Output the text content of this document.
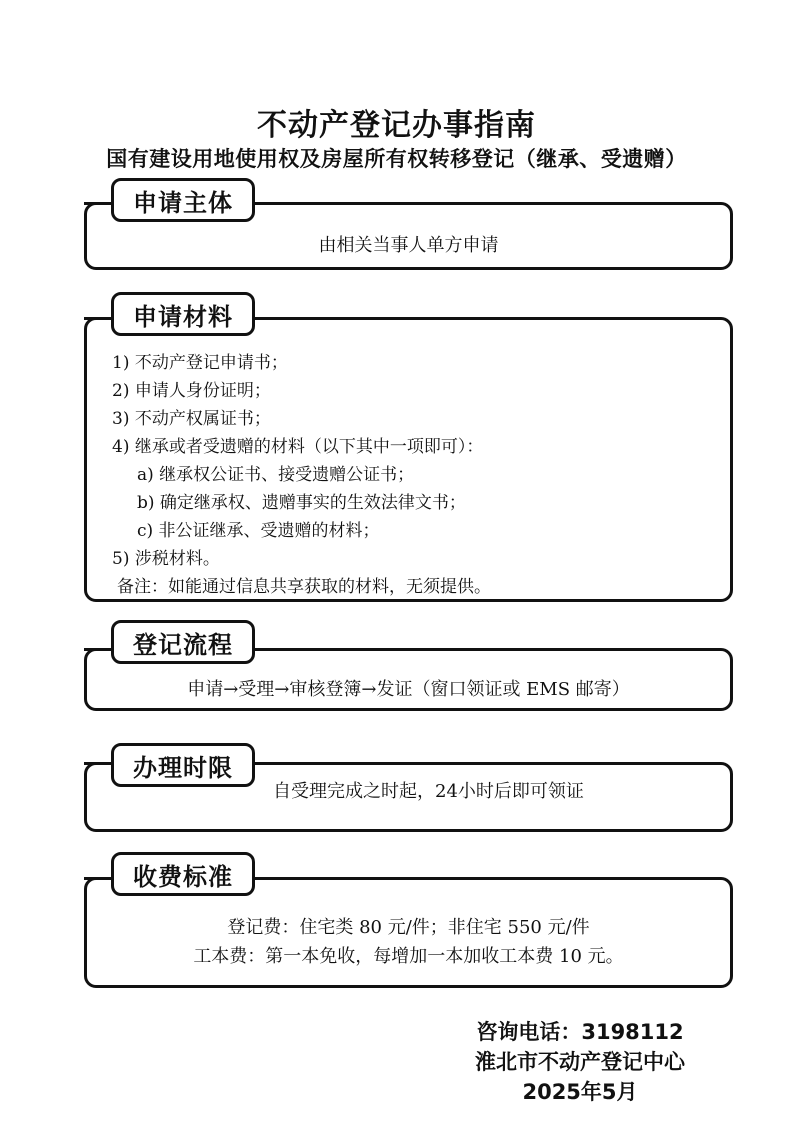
不动产登记办事指南
国有建设用地使用权及房屋所有权转移登记（继承、受遗赠）
由相关当事人单方申请
申请主体
1) 不动产登记申请书；
2) 申请人身份证明；
3) 不动产权属证书；
4) 继承或者受遗赠的材料（以下其中一项即可）：
a) 继承权公证书、接受遗赠公证书；
b) 确定继承权、遗赠事实的生效法律文书；
c) 非公证继承、受遗赠的材料；
5) 涉税材料。
备注：如能通过信息共享获取的材料，无须提供。
申请材料
申请→受理→审核登簿→发证（窗口领证或 EMS 邮寄）
登记流程
自受理完成之时起，24小时后即可领证
办理时限
登记费：住宅类 80 元/件；非住宅 550 元/件
工本费：第一本免收，每增加一本加收工本费 10 元。
收费标准
咨询电话：3198112
淮北市不动产登记中心
2025年5月
